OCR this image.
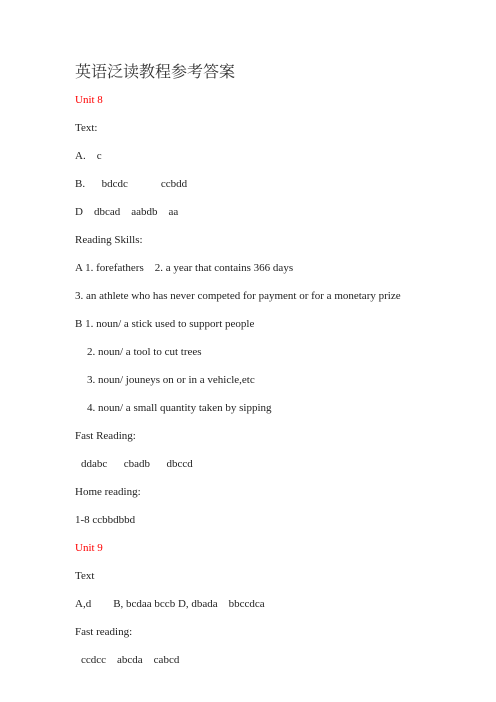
英语泛读教程参考答案
Unit 8
Text:
A.    c
B.      bdcdc            ccbdd
D    dbcad    aabdb    aa
Reading Skills:
A 1. forefathers    2. a year that contains 366 days
3. an athlete who has never competed for payment or for a monetary prize
B 1. noun/ a stick used to support people
2. noun/ a tool to cut trees
3. noun/ jouneys on or in a vehicle,etc
4. noun/ a small quantity taken by sipping
Fast Reading:
ddabc      cbadb      dbccd
Home reading:
1-8 ccbbdbbd
Unit 9
Text
A,d        B, bcdaa bccb D, dbada    bbccdca
Fast reading:
ccdcc    abcda    cabcd
